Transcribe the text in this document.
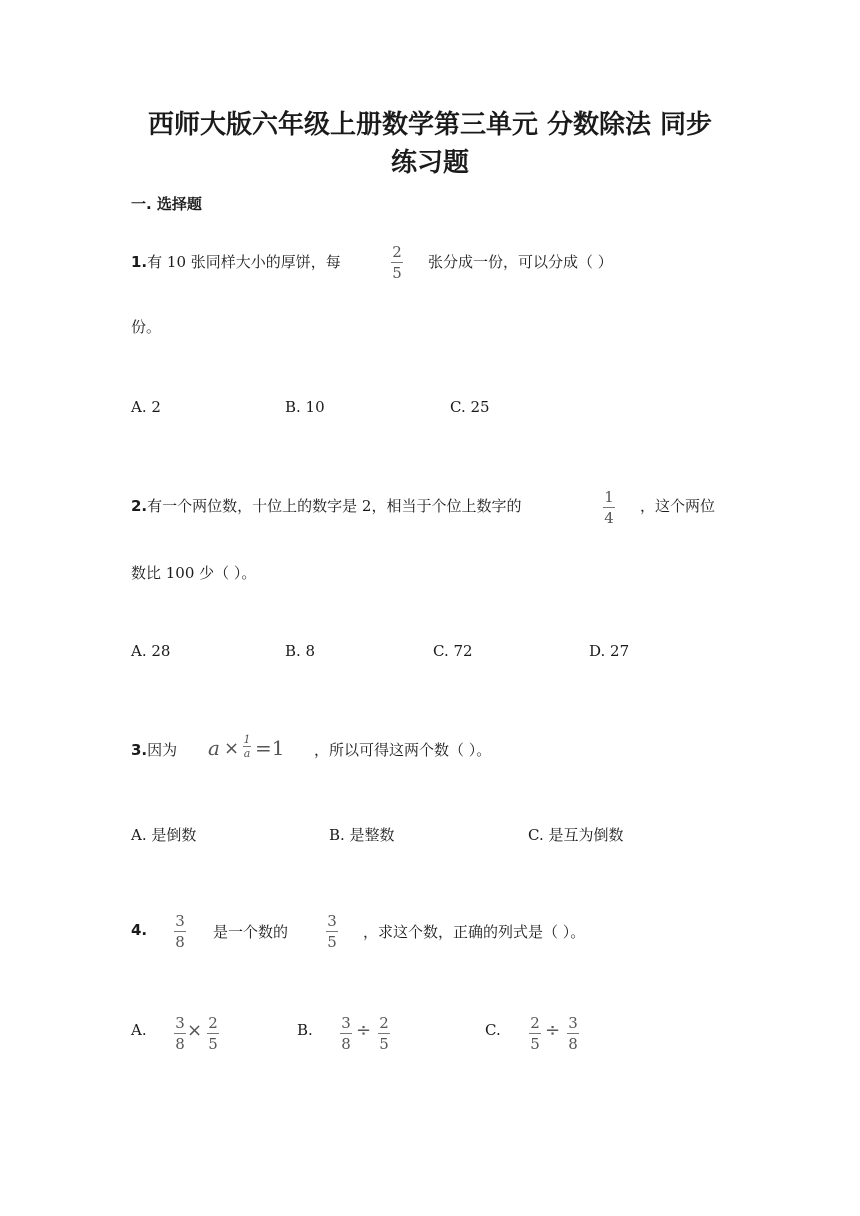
西师大版六年级上册数学第三单元 分数除法 同步
练习题
一. 选择题
1.有 10 张同样大小的厚饼，每
2
5
张分成一份，可以分成（ ）
份。
A. 2	B. 10	C. 25
2.有一个两位数，十位上的数字是 2，相当于个位上数字的	1
4
，这个两位
数比 100 少（ ）。
A. 28	B. 8	C. 72	D. 27
3.因为 a × 1
a =1 ，所以可得这两个数（ ）。
A. 是倒数	B. 是整数	C. 是互为倒数
4. 3
8
是一个数的
3
5
，求这个数，正确的列式是（ ）。
A. 3
8
× 2
5
B. 3
8
÷ 2
5
C. 2
5
÷ 3
8
